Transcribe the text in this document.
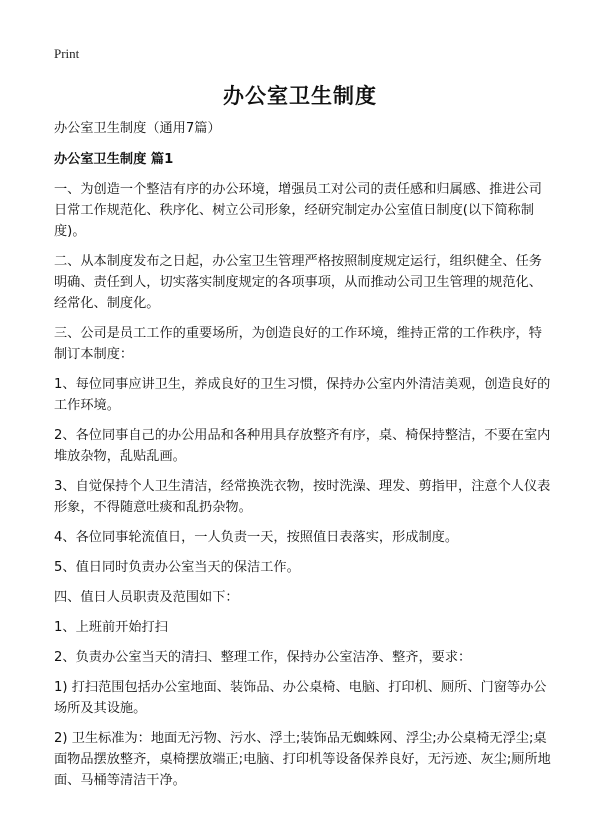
Print
办公室卫生制度

办公室卫生制度（通用7篇）

办公室卫生制度 篇1

一、为创造一个整洁有序的办公环境，增强员工对公司的责任感和归属感、推进公司日常工作规范化、秩序化、树立公司形象，经研究制定办公室值日制度(以下简称制度)。

二、从本制度发布之日起，办公室卫生管理严格按照制度规定运行，组织健全、任务明确、责任到人，切实落实制度规定的各项事项，从而推动公司卫生管理的规范化、经常化、制度化。

三、公司是员工工作的重要场所，为创造良好的工作环境，维持正常的工作秩序，特制订本制度：

1、每位同事应讲卫生，养成良好的卫生习惯，保持办公室内外清洁美观，创造良好的工作环境。

2、各位同事自己的办公用品和各种用具存放整齐有序，桌、椅保持整洁，不要在室内堆放杂物，乱贴乱画。

3、自觉保持个人卫生清洁，经常换洗衣物，按时洗澡、理发、剪指甲，注意个人仪表形象，不得随意吐痰和乱扔杂物。

4、各位同事轮流值日，一人负责一天，按照值日表落实，形成制度。

5、值日同时负责办公室当天的保洁工作。

四、值日人员职责及范围如下：

1、上班前开始打扫

2、负责办公室当天的清扫、整理工作，保持办公室洁净、整齐，要求：

1) 打扫范围包括办公室地面、装饰品、办公桌椅、电脑、打印机、厕所、门窗等办公场所及其设施。

2) 卫生标准为：地面无污物、污水、浮土;装饰品无蜘蛛网、浮尘;办公桌椅无浮尘;桌面物品摆放整齐，桌椅摆放端正;电脑、打印机等设备保养良好，无污迹、灰尘;厕所地面、马桶等清洁干净。
